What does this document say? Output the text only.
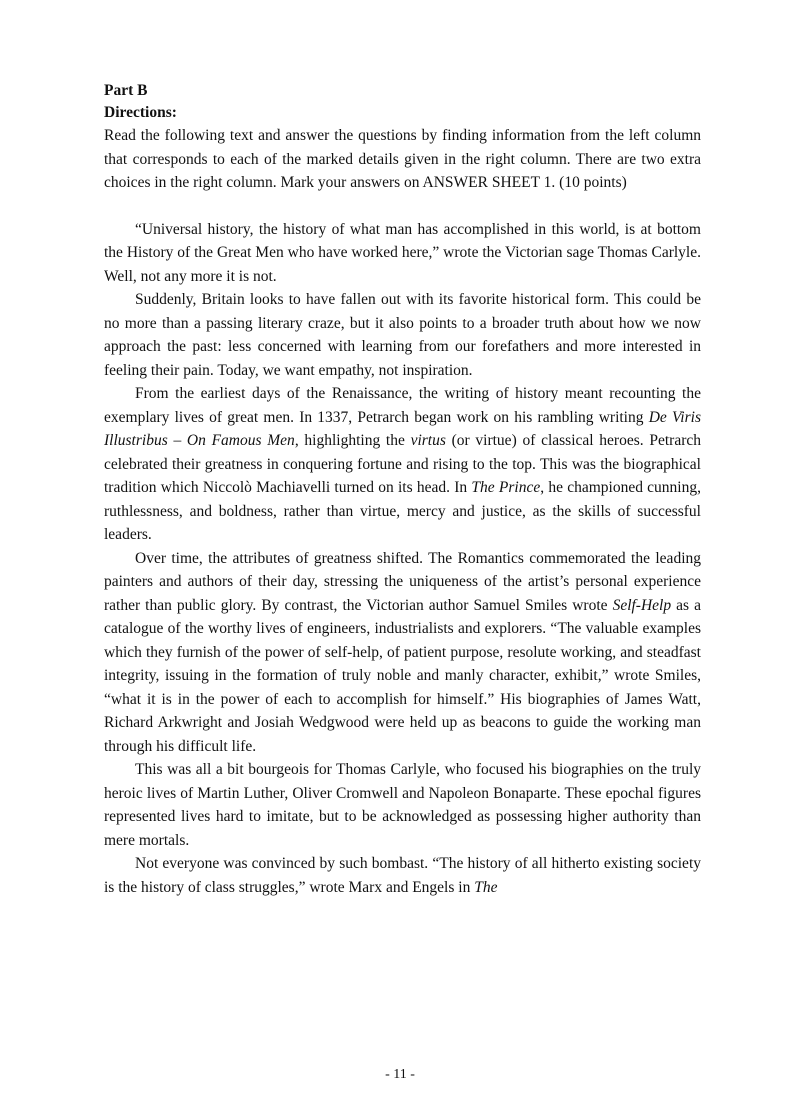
Part B

Directions:

Read the following text and answer the questions by finding information from the left column that corresponds to each of the marked details given in the right column. There are two extra choices in the right column. Mark your answers on ANSWER SHEET 1. (10 points)

“Universal history, the history of what man has accomplished in this world, is at bottom the History of the Great Men who have worked here,” wrote the Victorian sage Thomas Carlyle. Well, not any more it is not.

Suddenly, Britain looks to have fallen out with its favorite historical form. This could be no more than a passing literary craze, but it also points to a broader truth about how we now approach the past: less concerned with learning from our forefathers and more interested in feeling their pain. Today, we want empathy, not inspiration.

From the earliest days of the Renaissance, the writing of history meant recounting the exemplary lives of great men. In 1337, Petrarch began work on his rambling writing De Viris Illustribus – On Famous Men, highlighting the virtus (or virtue) of classical heroes. Petrarch celebrated their greatness in conquering fortune and rising to the top. This was the biographical tradition which Niccolò Machiavelli turned on its head. In The Prince, he championed cunning, ruthlessness, and boldness, rather than virtue, mercy and justice, as the skills of successful leaders.

Over time, the attributes of greatness shifted. The Romantics commemorated the leading painters and authors of their day, stressing the uniqueness of the artist’s personal experience rather than public glory. By contrast, the Victorian author Samuel Smiles wrote Self-Help as a catalogue of the worthy lives of engineers, industrialists and explorers. “The valuable examples which they furnish of the power of self-help, of patient purpose, resolute working, and steadfast integrity, issuing in the formation of truly noble and manly character, exhibit,” wrote Smiles, “what it is in the power of each to accomplish for himself.” His biographies of James Watt, Richard Arkwright and Josiah Wedgwood were held up as beacons to guide the working man through his difficult life.

This was all a bit bourgeois for Thomas Carlyle, who focused his biographies on the truly heroic lives of Martin Luther, Oliver Cromwell and Napoleon Bonaparte. These epochal figures represented lives hard to imitate, but to be acknowledged as possessing higher authority than mere mortals.

Not everyone was convinced by such bombast. “The history of all hitherto existing society is the history of class struggles,” wrote Marx and Engels in The

- 11 -
